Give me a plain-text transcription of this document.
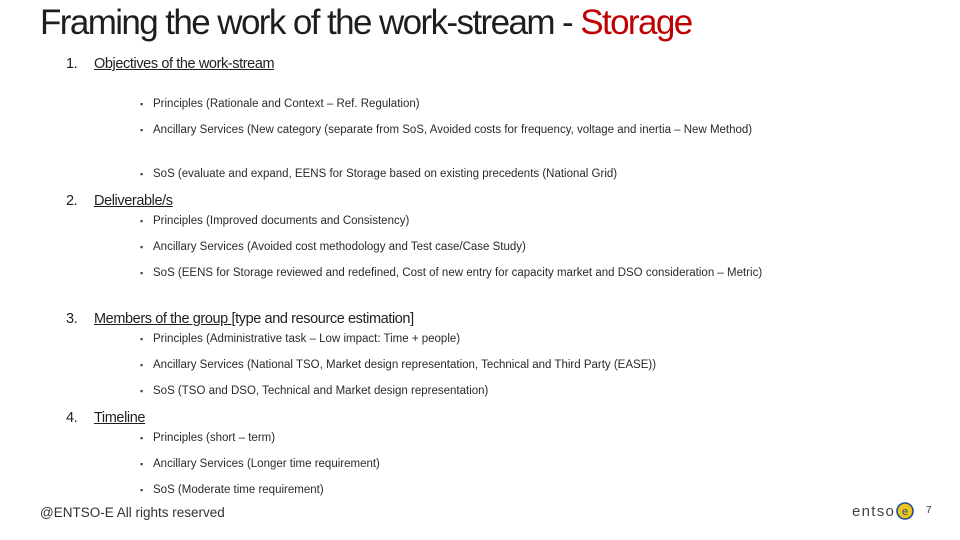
Framing the work of the work-stream - Storage
1. Objectives of the work-stream
▪ Principles (Rationale and Context – Ref. Regulation)
▪ Ancillary Services (New category (separate from SoS, Avoided costs for frequency, voltage and inertia – New Method)
▪ SoS (evaluate and expand, EENS for Storage based on existing precedents (National Grid)
2. Deliverable/s
▪ Principles (Improved documents and Consistency)
▪ Ancillary Services (Avoided cost methodology and Test case/Case Study)
▪ SoS (EENS for Storage reviewed and redefined, Cost of new entry for capacity market and DSO consideration – Metric)
3. Members of the group [type and resource estimation]
▪ Principles (Administrative task – Low impact: Time + people)
▪ Ancillary Services (National TSO, Market design representation, Technical and Third Party (EASE))
▪ SoS (TSO and DSO, Technical and Market design representation)
4. Timeline
▪ Principles (short – term)
▪ Ancillary Services (Longer time requirement)
▪ SoS (Moderate time requirement)
@ENTSO-E All rights reserved	entso e 7
